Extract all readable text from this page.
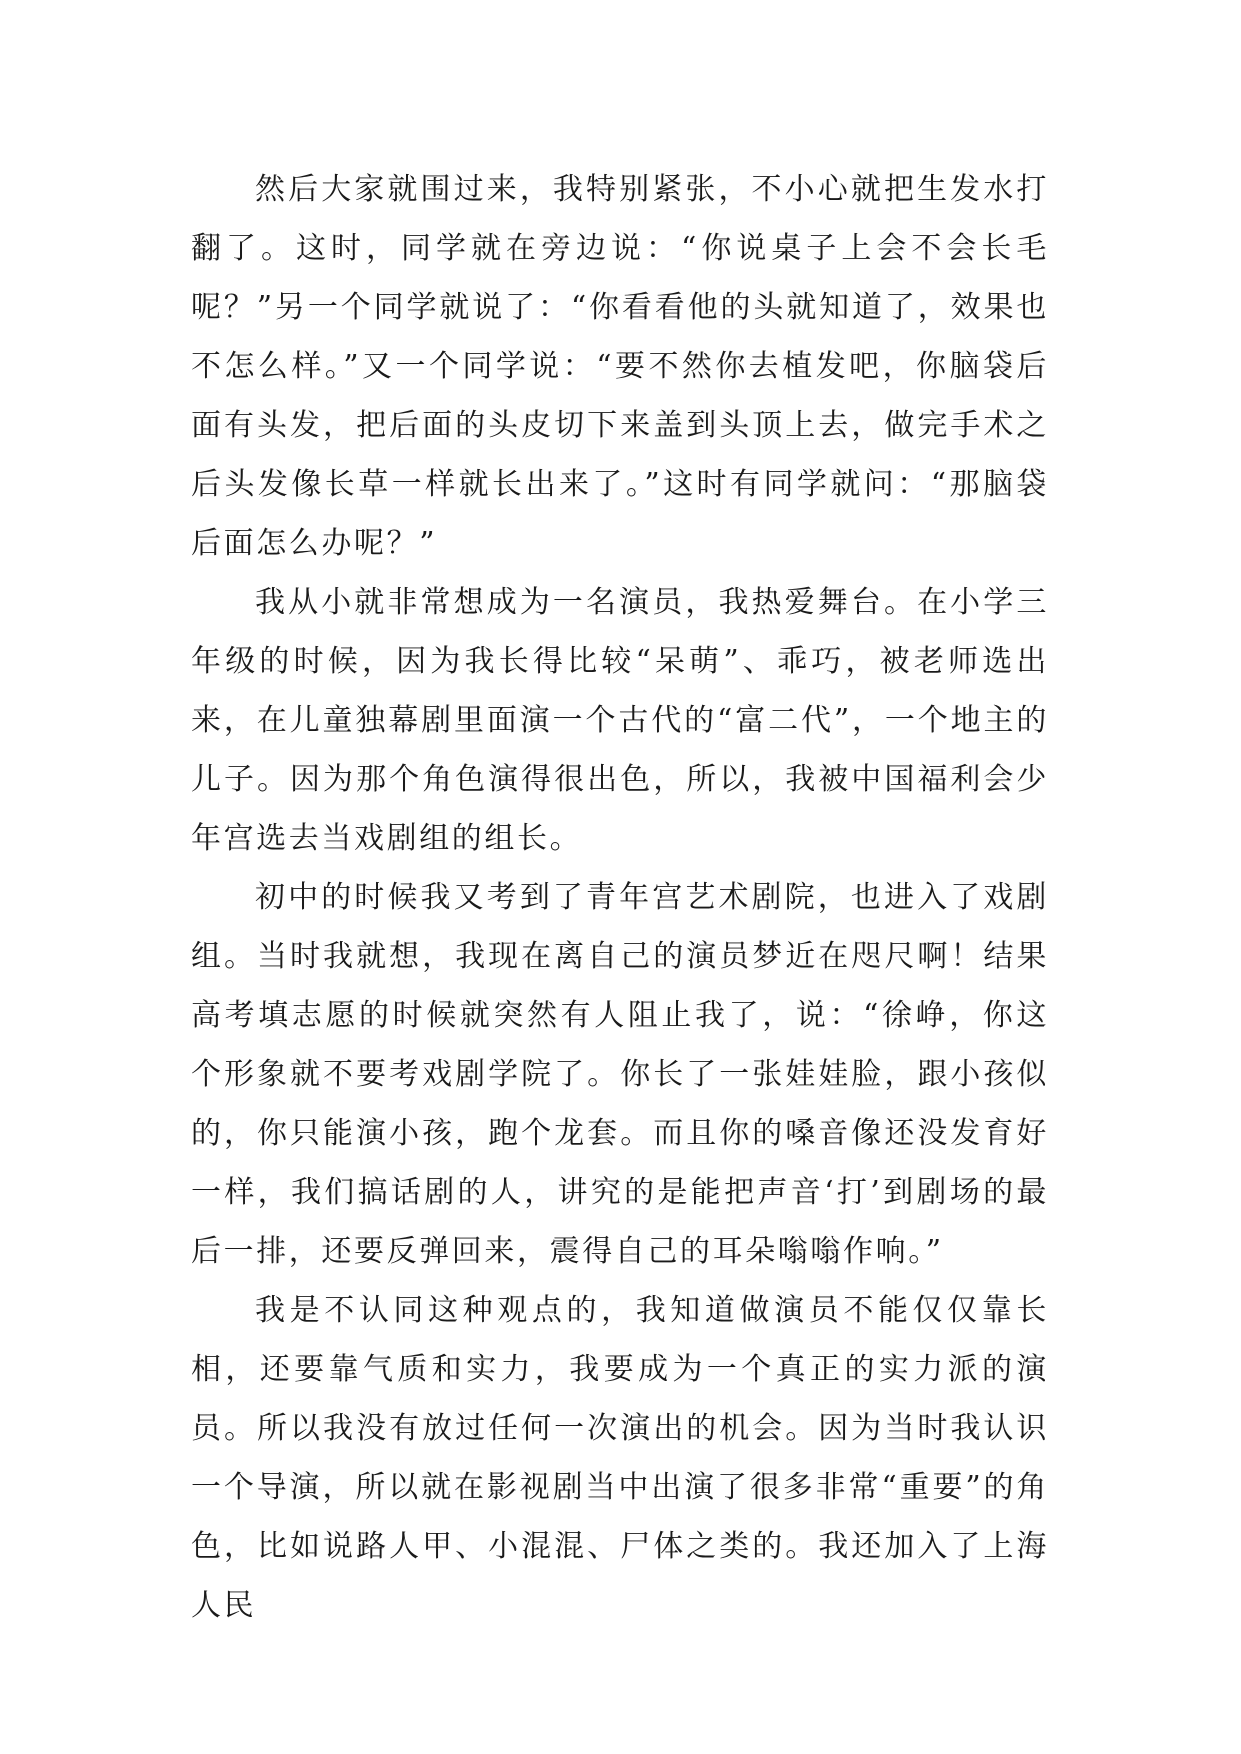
然后大家就围过来，我特别紧张，不小心就把生发水打翻了。这时，同学就在旁边说：“你说桌子上会不会长毛呢？”另一个同学就说了：“你看看他的头就知道了，效果也不怎么样。”又一个同学说：“要不然你去植发吧，你脑袋后面有头发，把后面的头皮切下来盖到头顶上去，做完手术之后头发像长草一样就长出来了。”这时有同学就问：“那脑袋后面怎么办呢？”

我从小就非常想成为一名演员，我热爱舞台。在小学三年级的时候，因为我长得比较“呆萌”、乖巧，被老师选出来，在儿童独幕剧里面演一个古代的“富二代”，一个地主的儿子。因为那个角色演得很出色，所以，我被中国福利会少年宫选去当戏剧组的组长。

初中的时候我又考到了青年宫艺术剧院，也进入了戏剧组。当时我就想，我现在离自己的演员梦近在咫尺啊！结果高考填志愿的时候就突然有人阻止我了，说：“徐峥，你这个形象就不要考戏剧学院了。你长了一张娃娃脸，跟小孩似的，你只能演小孩，跑个龙套。而且你的嗓音像还没发育好一样，我们搞话剧的人，讲究的是能把声音‘打’到剧场的最后一排，还要反弹回来，震得自己的耳朵嗡嗡作响。”

我是不认同这种观点的，我知道做演员不能仅仅靠长相，还要靠气质和实力，我要成为一个真正的实力派的演员。所以我没有放过任何一次演出的机会。因为当时我认识一个导演，所以就在影视剧当中出演了很多非常“重要”的角色，比如说路人甲、小混混、尸体之类的。我还加入了上海人民
